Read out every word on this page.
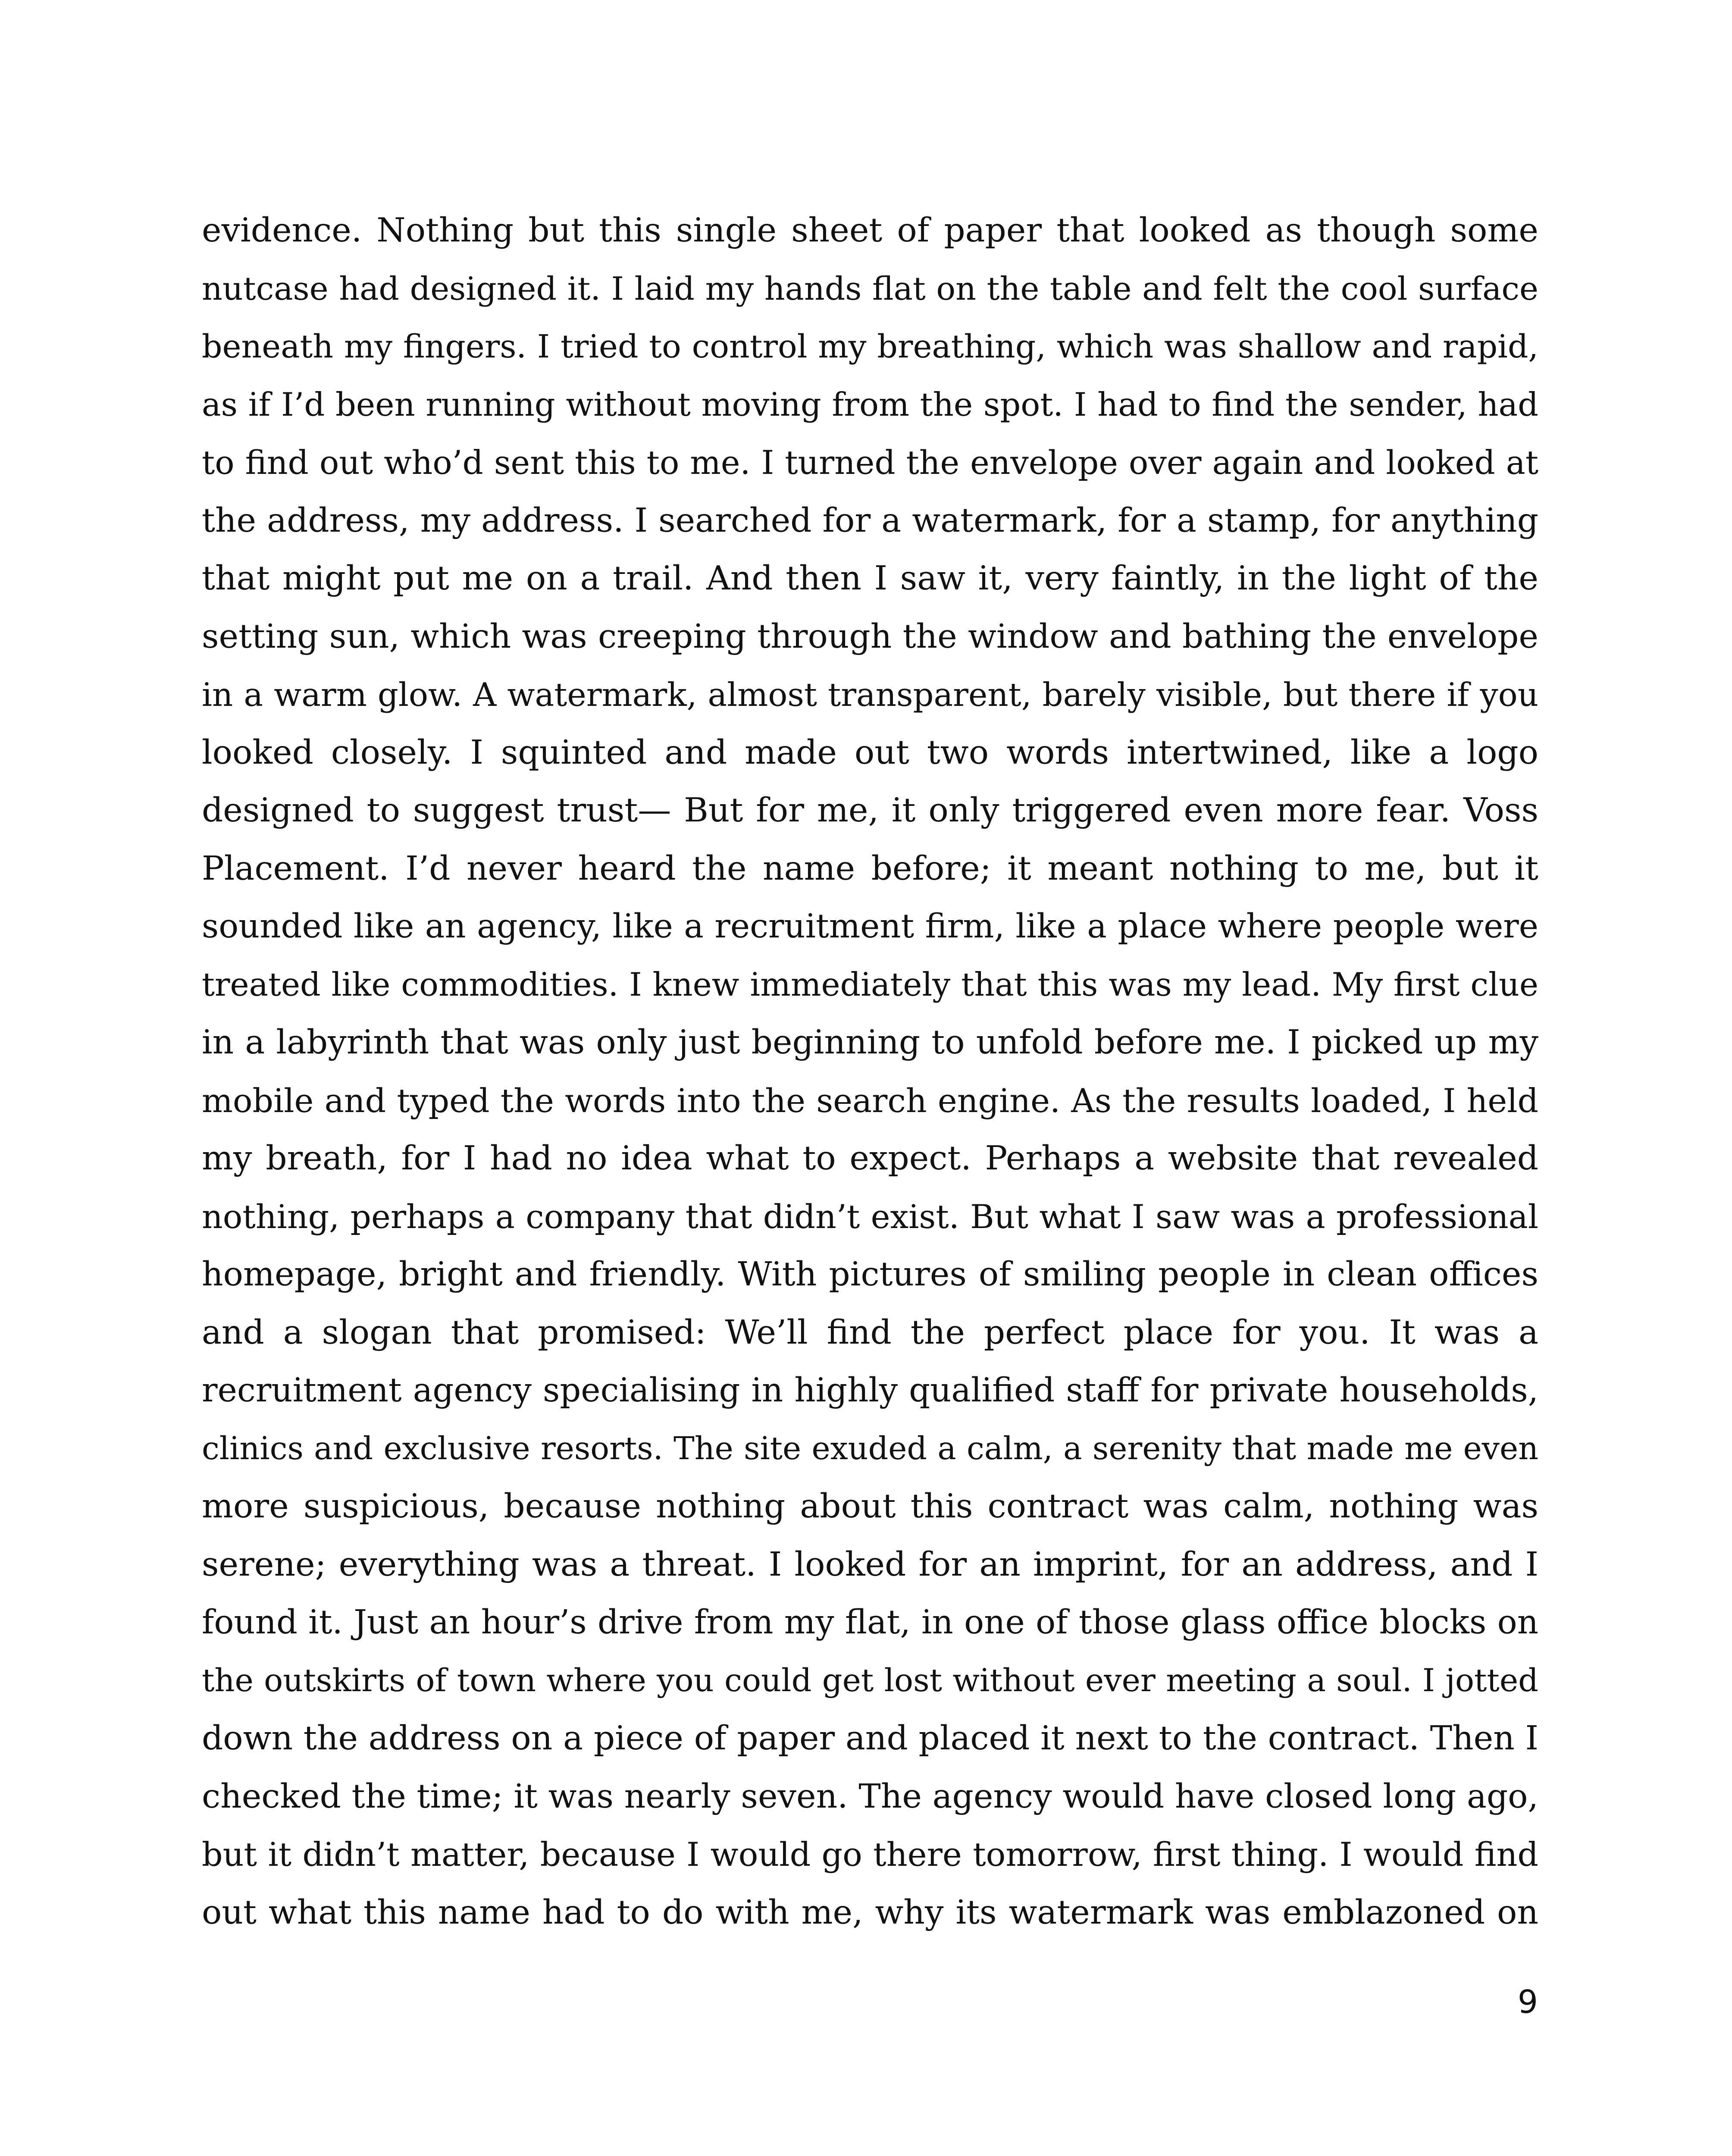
evidence. Nothing but this single sheet of paper that looked as though some
nutcase had designed it. I laid my hands flat on the table and felt the cool surface
beneath my fingers. I tried to control my breathing, which was shallow and rapid,
as if I’d been running without moving from the spot. I had to find the sender, had
to find out who’d sent this to me. I turned the envelope over again and looked at
the address, my address. I searched for a watermark, for a stamp, for anything
that might put me on a trail. And then I saw it, very faintly, in the light of the
setting sun, which was creeping through the window and bathing the envelope
in a warm glow. A watermark, almost transparent, barely visible, but there if you
looked closely. I squinted and made out two words intertwined, like a logo
designed to suggest trust— But for me, it only triggered even more fear. Voss
Placement. I’d never heard the name before; it meant nothing to me, but it
sounded like an agency, like a recruitment firm, like a place where people were
treated like commodities. I knew immediately that this was my lead. My first clue
in a labyrinth that was only just beginning to unfold before me. I picked up my
mobile and typed the words into the search engine. As the results loaded, I held
my breath, for I had no idea what to expect. Perhaps a website that revealed
nothing, perhaps a company that didn’t exist. But what I saw was a professional
homepage, bright and friendly. With pictures of smiling people in clean offices
and a slogan that promised: We’ll find the perfect place for you. It was a
recruitment agency specialising in highly qualified staff for private households,
clinics and exclusive resorts. The site exuded a calm, a serenity that made me even
more suspicious, because nothing about this contract was calm, nothing was
serene; everything was a threat. I looked for an imprint, for an address, and I
found it. Just an hour’s drive from my flat, in one of those glass office blocks on
the outskirts of town where you could get lost without ever meeting a soul. I jotted
down the address on a piece of paper and placed it next to the contract. Then I
checked the time; it was nearly seven. The agency would have closed long ago,
but it didn’t matter, because I would go there tomorrow, first thing. I would find
out what this name had to do with me, why its watermark was emblazoned on
9
